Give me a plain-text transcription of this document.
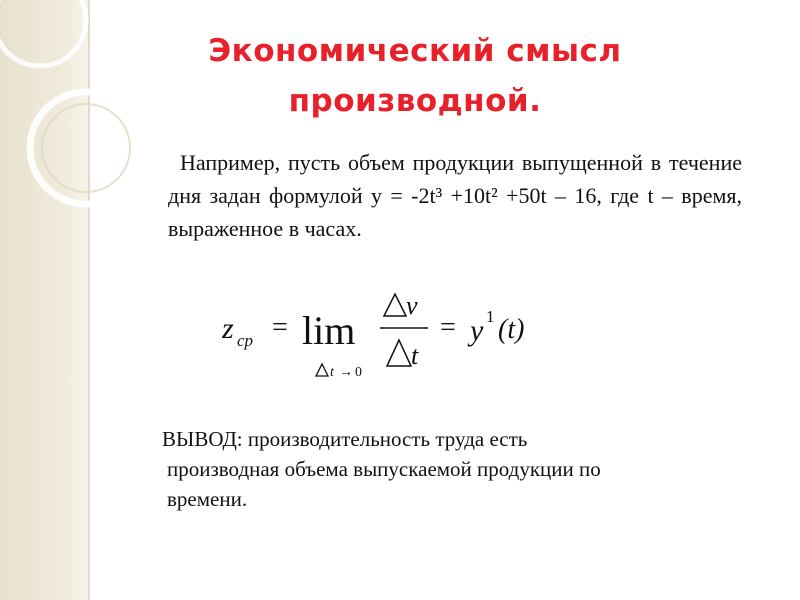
Экономический смысл
производной.
Например, пусть объем продукции выпущенной в течение дня задан формулой y = -2t³ +10t² +50t – 16, где t – время, выраженное в часах.
z cp = lim
t → 0
v
t
= y 1 (t)
ВЫВОД: производительность труда есть
производная объема выпускаемой продукции по
времени.
